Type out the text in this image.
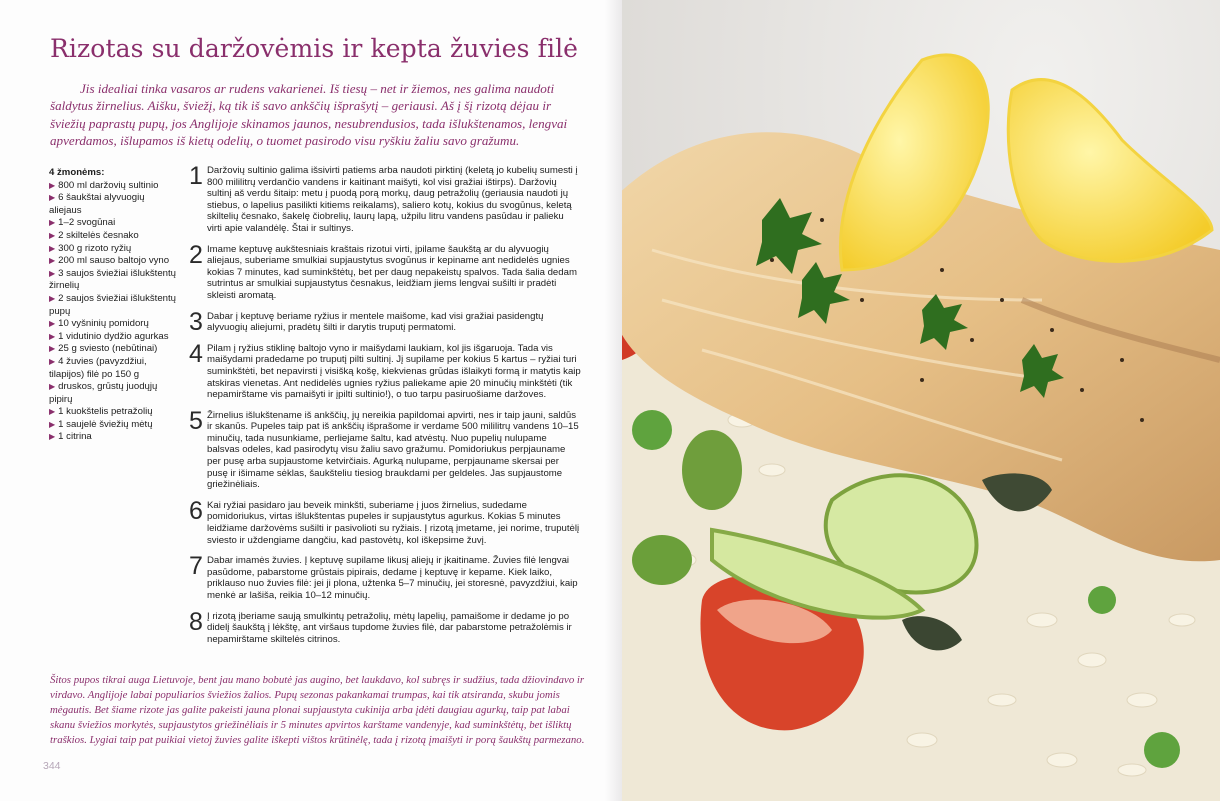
Rizotas su daržovėmis ir kepta žuvies filė
Jis idealiai tinka vasaros ar rudens vakarienei. Iš tiesų – net ir žiemos, nes galima naudoti šaldytus žirnelius. Aišku, šviežį, ką tik iš savo ankščių išprašytį – geriausi. Aš į šį rizotą dėjau ir šviežių paprastų pupų, jos Anglijoje skinamos jaunos, nesubrendusios, tada išlukštenamos, lengvai apverdamos, išlupamos iš kietų odelių, o tuomet pasirodo visu ryškiu žaliu savo gražumu.
4 žmonėms:
▶ 800 ml daržovių sultinio
▶ 6 šaukštai alyvuogių aliejaus
▶ 1–2 svogūnai
▶ 2 skiltelės česnako
▶ 300 g rizoto ryžių
▶ 200 ml sauso baltojo vyno
▶ 3 saujos šviežiai išlukštentų žirnelių
▶ 2 saujos šviežiai išlukštentų pupų
▶ 10 vyšninių pomidorų
▶ 1 vidutinio dydžio agurkas
▶ 25 g sviesto (nebūtinai)
▶ 4 žuvies (pavyzdžiui, tilapijos) filė po 150 g
▶ druskos, grūstų juodųjų pipirų
▶ 1 kuokštelis petražolių
▶ 1 saujelė šviežių mėtų
▶ 1 citrina
1 Daržovių sultinio galima išsivirti patiems arba naudoti pirktinį (keletą jo kubelių sumesti į 800 mililitrų verdančio vandens ir kaitinant maišyti, kol visi gražiai ištirps). Daržovių sultinį aš verdu šitaip: metu į puodą porą morkų, daug petražolių (geriausia naudoti jų stiebus, o lapelius pasilikti kitiems reikalams), saliero kotų, kokius du svogūnus, keletą skiltelių česnako, šakelę čiobrelių, laurų lapą, užpilu litru vandens pasūdau ir palieku virti apie valandėlę. Štai ir sultinys.
2 Imame keptuvę aukštesniais kraštais rizotui virti, įpilame šaukštą ar du alyvuogių aliejaus, suberiame smulkiai supjaustytus svogūnus ir kepiname ant nedidelės ugnies kokias 7 minutes, kad suminkštėtų, bet per daug nepakeistų spalvos. Tada šalia dedam sutrintus ar smulkiai supjaustytus česnakus, leidžiam jiems lengvai sušilti ir pradėti skleisti aromatą.
3 Dabar į keptuvę beriame ryžius ir mentele maišome, kad visi gražiai pasidengtų alyvuogių aliejumi, pradėtų šilti ir darytis truputį permatomi.
4 Pilam į ryžius stiklinę baltojo vyno ir maišydami laukiam, kol jis išgaruoja. Tada vis maišydami pradedame po truputį pilti sultinį. Jį supilame per kokius 5 kartus – ryžiai turi suminkštėti, bet nepavirsti į visišką košę, kiekvienas grūdas išlaikyti formą ir matytis kaip atskiras vienetas. Ant nedidelės ugnies ryžius paliekame apie 20 minučių minkštėti (tik nepamirštame vis pamaišyti ir įpilti sultinio!), o tuo tarpu pasiruošiame daržoves.
5 Žirnelius išlukštename iš ankščių, jų nereikia papildomai apvirti, nes ir taip jauni, saldūs ir skanūs. Pupeles taip pat iš ankščių išprašome ir verdame 500 mililitrų vandens 10–15 minučių, tada nusunkiame, perliejame šaltu, kad atvėstų. Nuo pupelių nulupame balsvas odeles, kad pasirodytų visu žaliu savo gražumu. Pomidoriukus perpjauname per pusę arba supjaustome ketvirčiais. Agurką nulupame, perpjauname skersai per pusę ir išimame sėklas, šaukšteliu tiesiog braukdami per geldeles. Jas supjaustome griežinėliais.
6 Kai ryžiai pasidaro jau beveik minkšti, suberiame į juos žirnelius, sudedame pomidoriukus, virtas išlukštentas pupeles ir supjaustytus agurkus. Kokias 5 minutes leidžiame daržovėms sušilti ir pasivolioti su ryžiais. Į rizotą įmetame, jei norime, truputėlį sviesto ir uždengiame dangčiu, kad pastovėtų, kol iškepsime žuvį.
7 Dabar imamės žuvies. Į keptuvę supilame likusį aliejų ir įkaitiname. Žuvies filė lengvai pasūdome, pabarstome grūstais pipirais, dedame į keptuvę ir kepame. Kiek laiko, priklauso nuo žuvies filė: jei ji plona, užtenka 5–7 minučių, jei storesnė, pavyzdžiui, kaip menkė ar lašiša, reikia 10–12 minučių.
8 Į rizotą įberiame saują smulkintų petražolių, mėtų lapelių, pamaišome ir dedame jo po didelį šaukštą į lėkštę, ant viršaus tupdome žuvies filė, dar pabarstome petražolėmis ir nepamirštame skiltelės citrinos.
Šitos pupos tikrai auga Lietuvoje, bent jau mano bobutė jas augino, bet laukdavo, kol subręs ir sudžius, tada džiovindavo ir virdavo. Anglijoje labai populiarios šviežios žalios. Pupų sezonas pakankamai trumpas, kai tik atsiranda, skubu jomis mėgautis. Bet šiame rizote jas galite pakeisti jauna plonai supjaustyta cukinija arba įdėti daugiau agurkų, taip pat labai skanu šviežios morkytės, supjaustytos griežinėliais ir 5 minutes apvirtos karštame vandenyje, kad suminkštėtų, bet išliktų traškios. Lygiai taip pat puikiai vietoj žuvies galite iškepti vištos krūtinėlę, tada į rizotą įmaišyti ir porą šaukštų parmezano.
344
